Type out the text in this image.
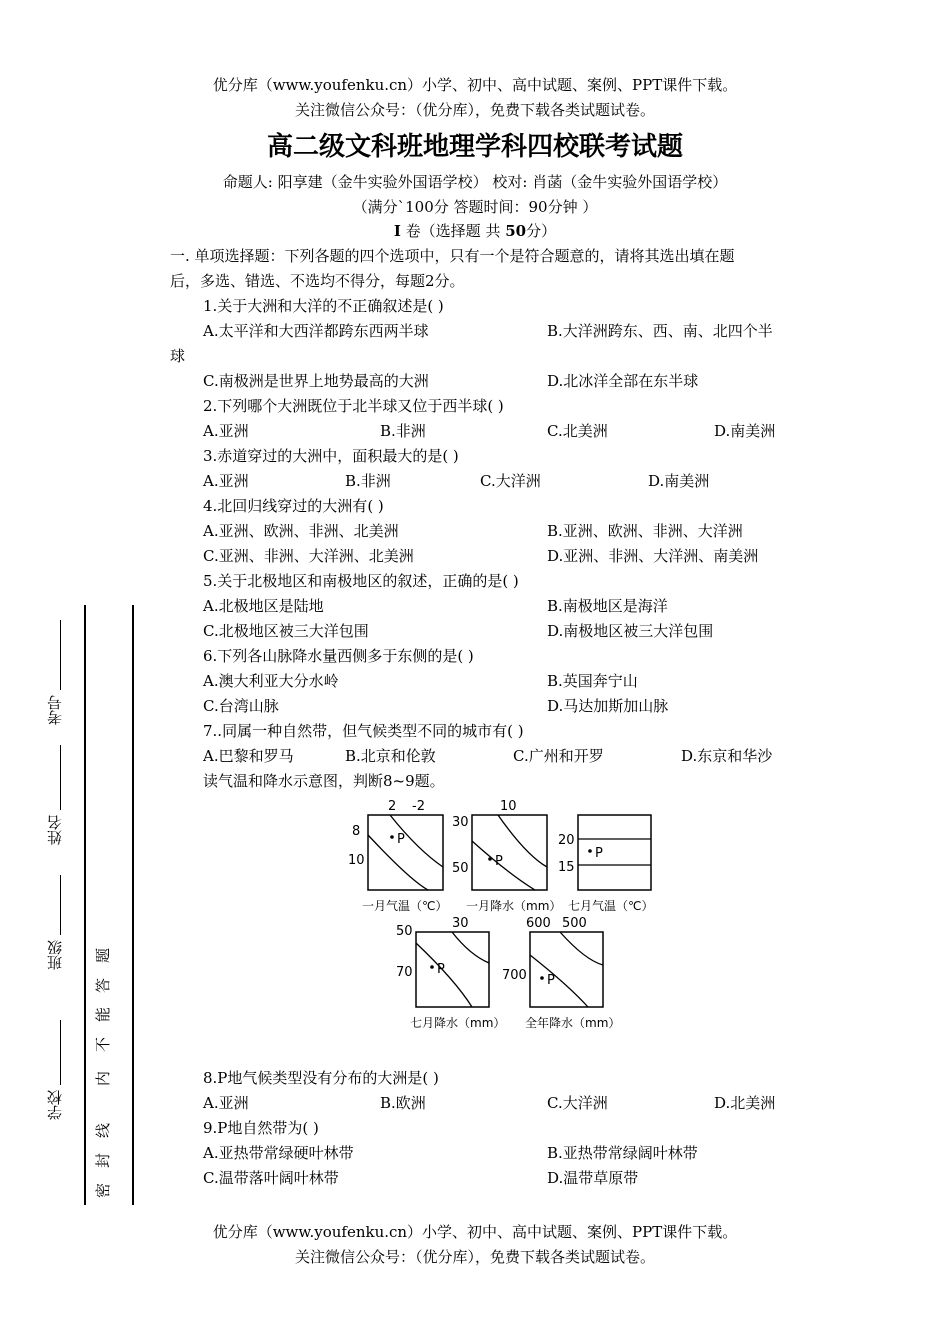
优分库（www.youfenku.cn）小学、初中、高中试题、案例、PPT课件下载。
关注微信公众号：（优分库），免费下载各类试题试卷。
高二级文科班地理学科四校联考试题
命题人: 阳享建（金牛实验外国语学校） 校对: 肖菡（金牛实验外国语学校）
（满分`100分 答题时间：90分钟 ）
I 卷（选择题 共 50分）
一. 单项选择题：下列各题的四个选项中，只有一个是符合题意的，请将其选出填在题
后，多选、错选、不选均不得分，每题2分。
1.关于大洲和大洋的不正确叙述是( )
A.太平洋和大西洋都跨东西两半球	B.大洋洲跨东、西、南、北四个半
球
C.南极洲是世界上地势最高的大洲	D.北冰洋全部在东半球
2.下列哪个大洲既位于北半球又位于西半球( )
A.亚洲	B.非洲	C.北美洲	D.南美洲
3.赤道穿过的大洲中，面积最大的是( )
A.亚洲	B.非洲	C.大洋洲	D.南美洲
4.北回归线穿过的大洲有( )
A.亚洲、欧洲、非洲、北美洲	B.亚洲、欧洲、非洲、大洋洲
C.亚洲、非洲、大洋洲、北美洲	D.亚洲、非洲、大洋洲、南美洲
5.关于北极地区和南极地区的叙述，正确的是( )
A.北极地区是陆地	B.南极地区是海洋
C.北极地区被三大洋包围	D.南极地区被三大洋包围
6.下列各山脉降水量西侧多于东侧的是( )
A.澳大利亚大分水岭	B.英国奔宁山
C.台湾山脉	D.马达加斯加山脉
7..同属一种自然带，但气候类型不同的城市有( )
A.巴黎和罗马	B.北京和伦敦	C.广州和开罗	D.东京和华沙
读气温和降水示意图，判断8~9题。
2 -2
8
10
P
一月气温（℃）
10
30
50 P
一月降水（mm）
20
15
P
七月气温（℃）
30
50
70 P
七月降水（mm）
600 500
700 P
全年降水（mm）
8.P地气候类型没有分布的大洲是( )
A.亚洲	B.欧洲	C.大洋洲	D.北美洲
9.P地自然带为( )
A.亚热带常绿硬叶林带	B.亚热带常绿阔叶林带
C.温带落叶阔叶林带	D.温带草原带
考号
姓名
班级
学校
密
封
线
内
不
能
答
题
优分库（www.youfenku.cn）小学、初中、高中试题、案例、PPT课件下载。
关注微信公众号：（优分库），免费下载各类试题试卷。
